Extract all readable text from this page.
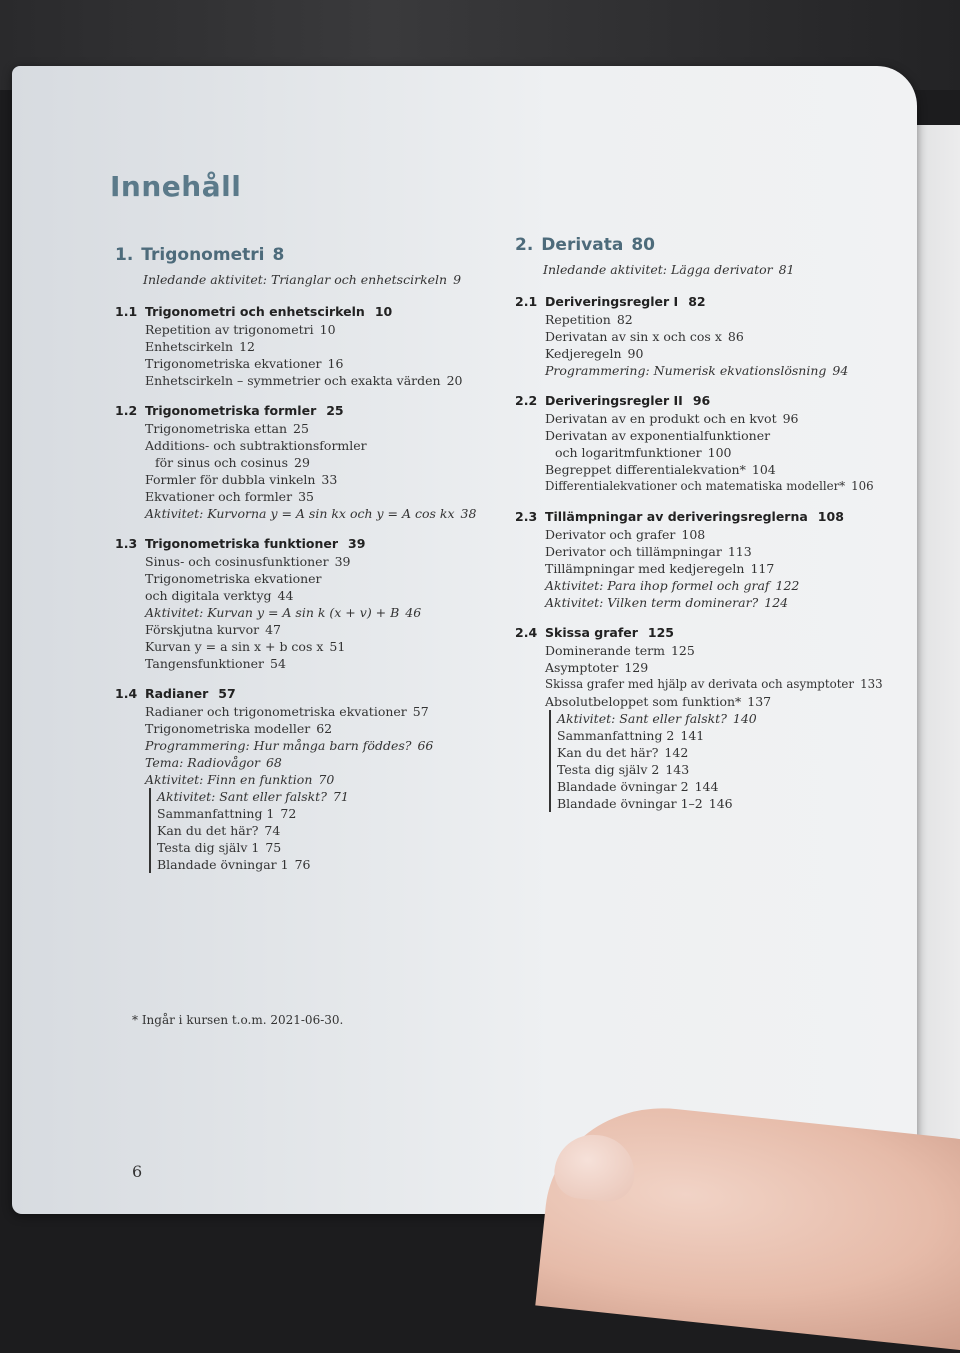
Innehåll
1. Trigonometri 8
Inledande aktivitet: Trianglar och enhetscirkeln 9
1.1 Trigonometri och enhetscirkeln 10
Repetition av trigonometri 10
Enhetscirkeln 12
Trigonometriska ekvationer 16
Enhetscirkeln – symmetrier och exakta värden 20
1.2 Trigonometriska formler 25
Trigonometriska ettan 25
Additions- och subtraktionsformler
för sinus och cosinus 29
Formler för dubbla vinkeln 33
Ekvationer och formler 35
Aktivitet: Kurvorna y = A sin kx och y = A cos kx 38
1.3 Trigonometriska funktioner 39
Sinus- och cosinusfunktioner 39
Trigonometriska ekvationer
och digitala verktyg 44
Aktivitet: Kurvan y = A sin k (x + v) + B 46
Förskjutna kurvor 47
Kurvan y = a sin x + b cos x 51
Tangensfunktioner 54
1.4 Radianer 57
Radianer och trigonometriska ekvationer 57
Trigonometriska modeller 62
Programmering: Hur många barn föddes? 66
Tema: Radiovågor 68
Aktivitet: Finn en funktion 70
Aktivitet: Sant eller falskt? 71
Sammanfattning 1 72
Kan du det här? 74
Testa dig själv 1 75
Blandade övningar 1 76
2. Derivata 80
Inledande aktivitet: Lägga derivator 81
2.1 Deriveringsregler I 82
Repetition 82
Derivatan av sin x och cos x 86
Kedjeregeln 90
Programmering: Numerisk ekvationslösning 94
2.2 Deriveringsregler II 96
Derivatan av en produkt och en kvot 96
Derivatan av exponentialfunktioner
och logaritmfunktioner 100
Begreppet differentialekvation* 104
Differentialekvationer och matematiska modeller* 106
2.3 Tillämpningar av deriveringsreglerna 108
Derivator och grafer 108
Derivator och tillämpningar 113
Tillämpningar med kedjeregeln 117
Aktivitet: Para ihop formel och graf 122
Aktivitet: Vilken term dominerar? 124
2.4 Skissa grafer 125
Dominerande term 125
Asymptoter 129
Skissa grafer med hjälp av derivata och asymptoter 133
Absolutbeloppet som funktion* 137
Aktivitet: Sant eller falskt? 140
Sammanfattning 2 141
Kan du det här? 142
Testa dig själv 2 143
Blandade övningar 2 144
Blandade övningar 1–2 146
* Ingår i kursen t.o.m. 2021-06-30.
6
